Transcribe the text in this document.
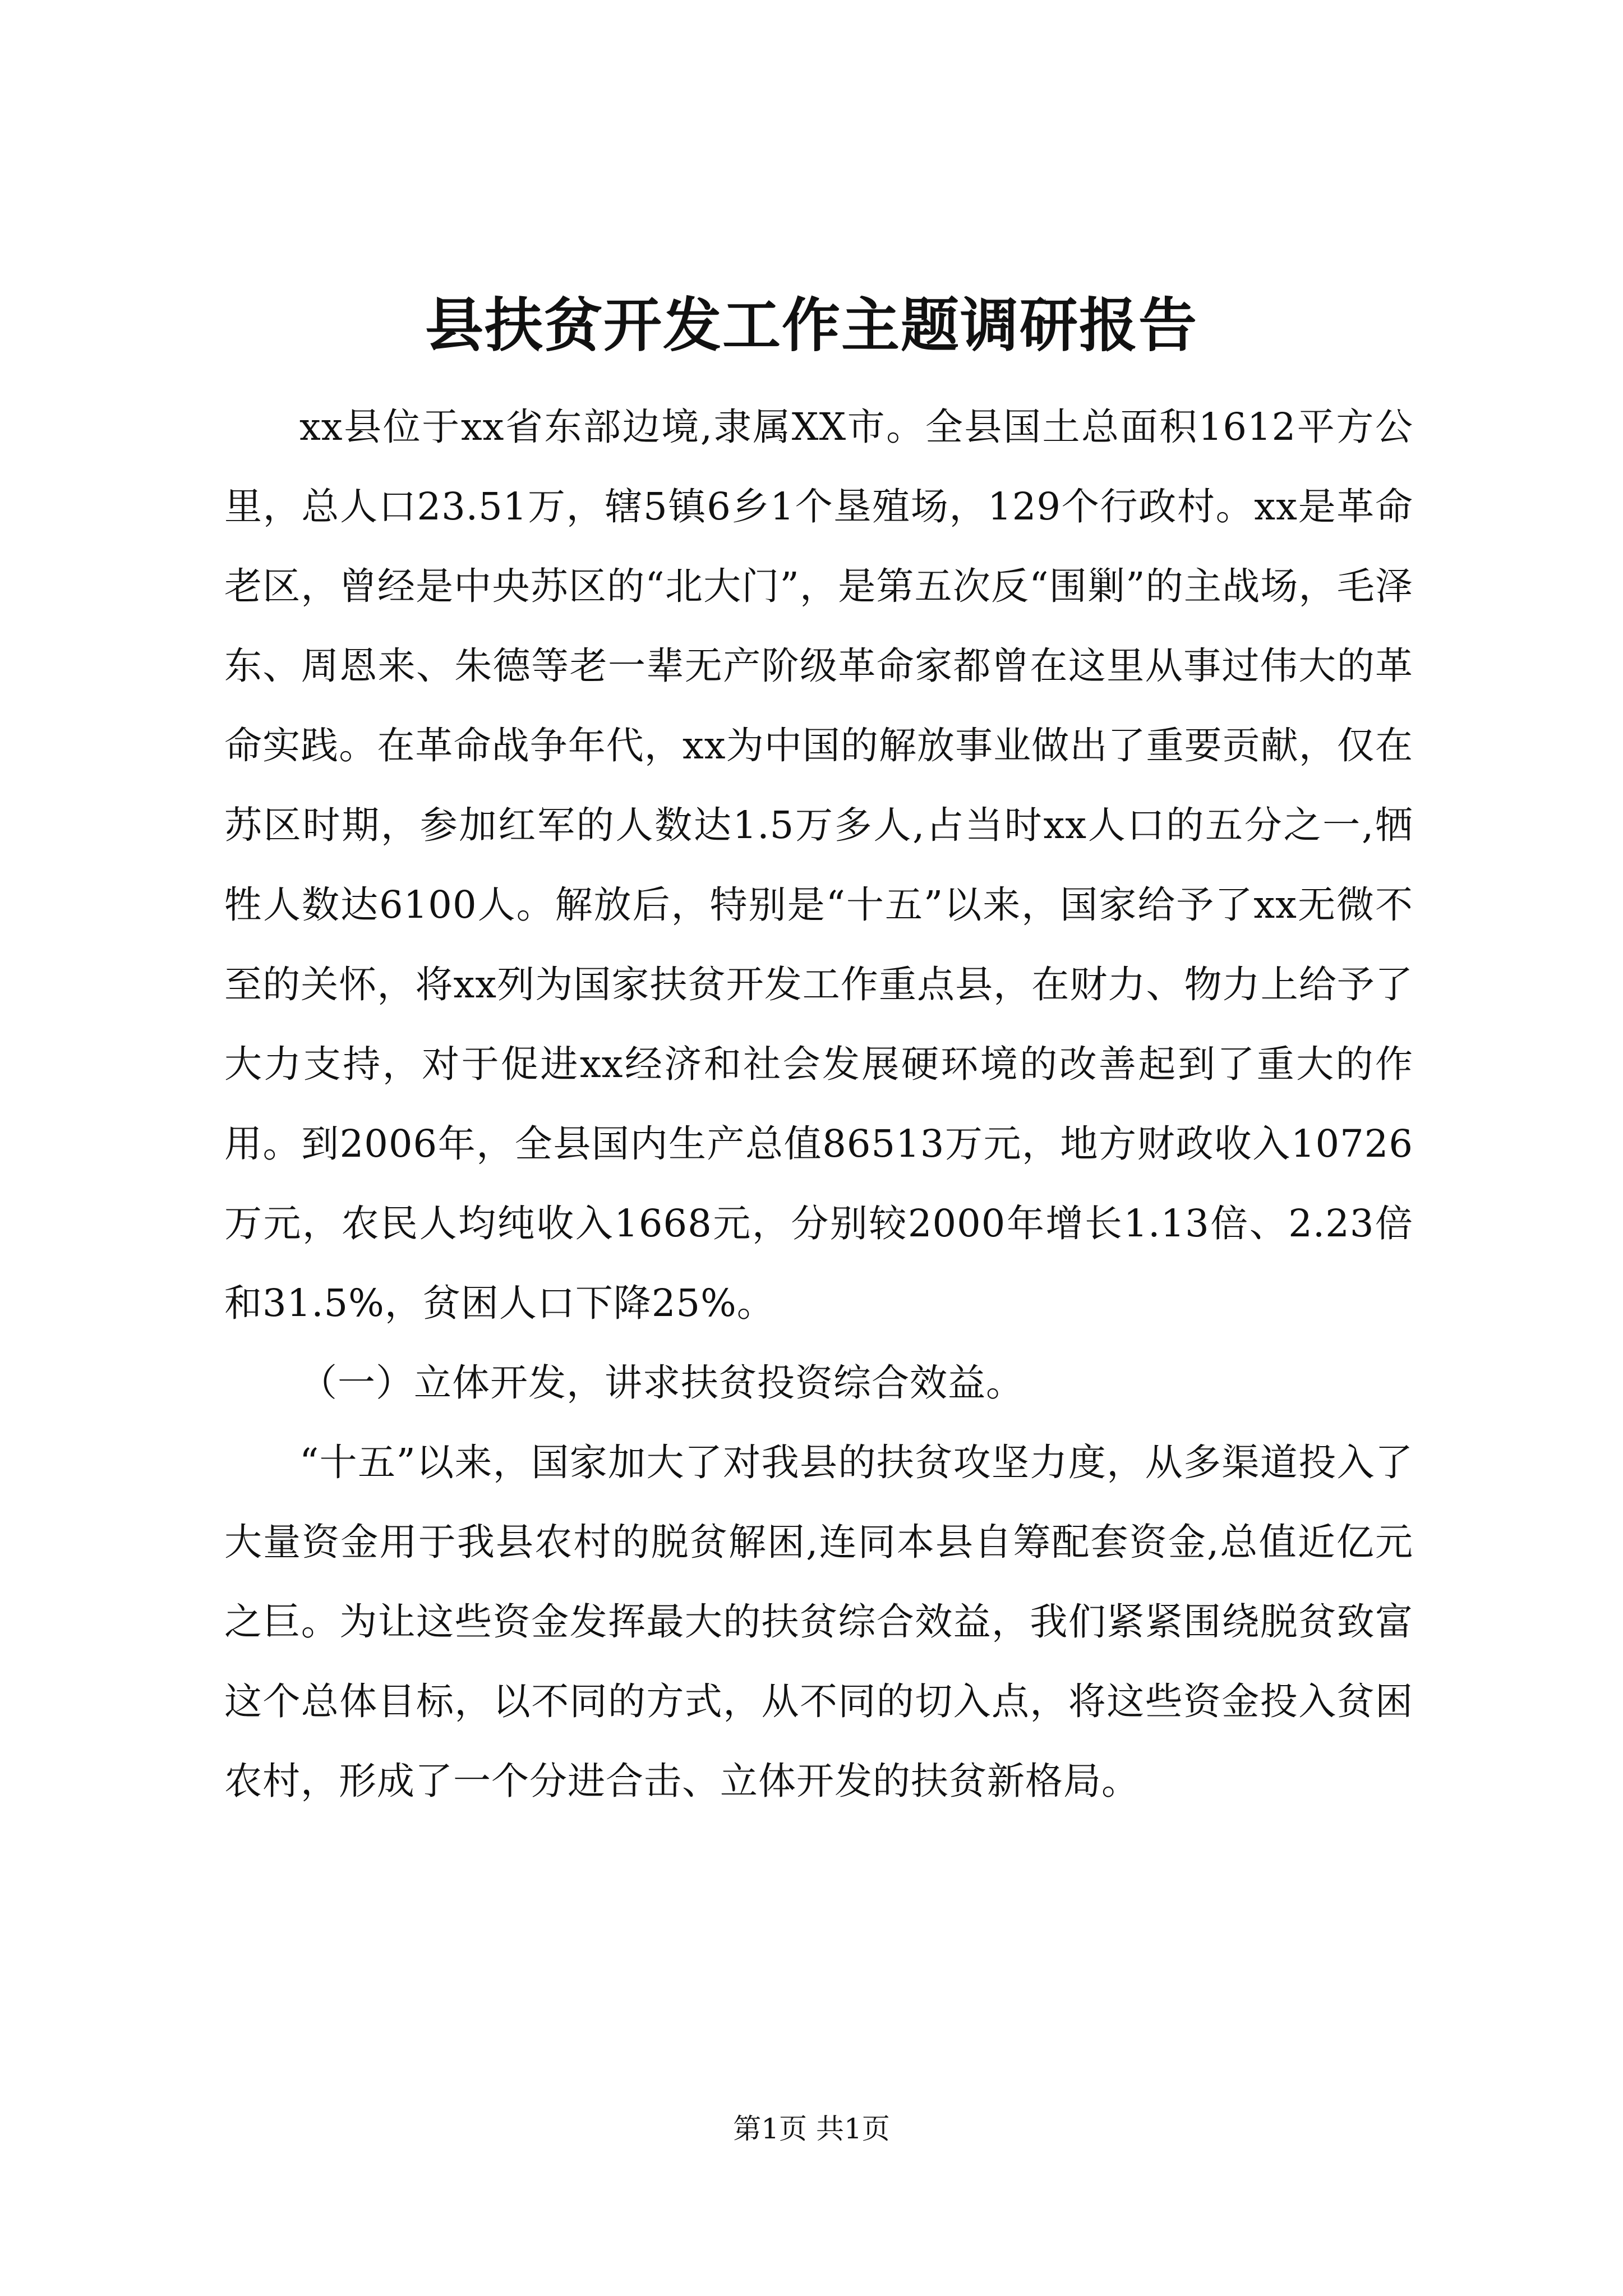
县扶贫开发工作主题调研报告

xx县位于xx省东部边境,隶属XX市。全县国土总面积1612平方公里，总人口23.51万，辖5镇6乡1个垦殖场，129个行政村。xx是革命老区，曾经是中央苏区的“北大门”，是第五次反“围剿”的主战场，毛泽东、周恩来、朱德等老一辈无产阶级革命家都曾在这里从事过伟大的革命实践。在革命战争年代，xx为中国的解放事业做出了重要贡献，仅在苏区时期，参加红军的人数达1.5万多人,占当时xx人口的五分之一,牺牲人数达6100人。解放后，特别是“十五”以来，国家给予了xx无微不至的关怀，将xx列为国家扶贫开发工作重点县，在财力、物力上给予了大力支持，对于促进xx经济和社会发展硬环境的改善起到了重大的作用。到2006年，全县国内生产总值86513万元，地方财政收入10726万元，农民人均纯收入1668元，分别较2000年增长1.13倍、2.23倍和31.5%，贫困人口下降25%。

（一）立体开发，讲求扶贫投资综合效益。

“十五”以来，国家加大了对我县的扶贫攻坚力度，从多渠道投入了大量资金用于我县农村的脱贫解困,连同本县自筹配套资金,总值近亿元之巨。为让这些资金发挥最大的扶贫综合效益，我们紧紧围绕脱贫致富这个总体目标，以不同的方式，从不同的切入点，将这些资金投入贫困农村，形成了一个分进合击、立体开发的扶贫新格局。

第1页 共1页
